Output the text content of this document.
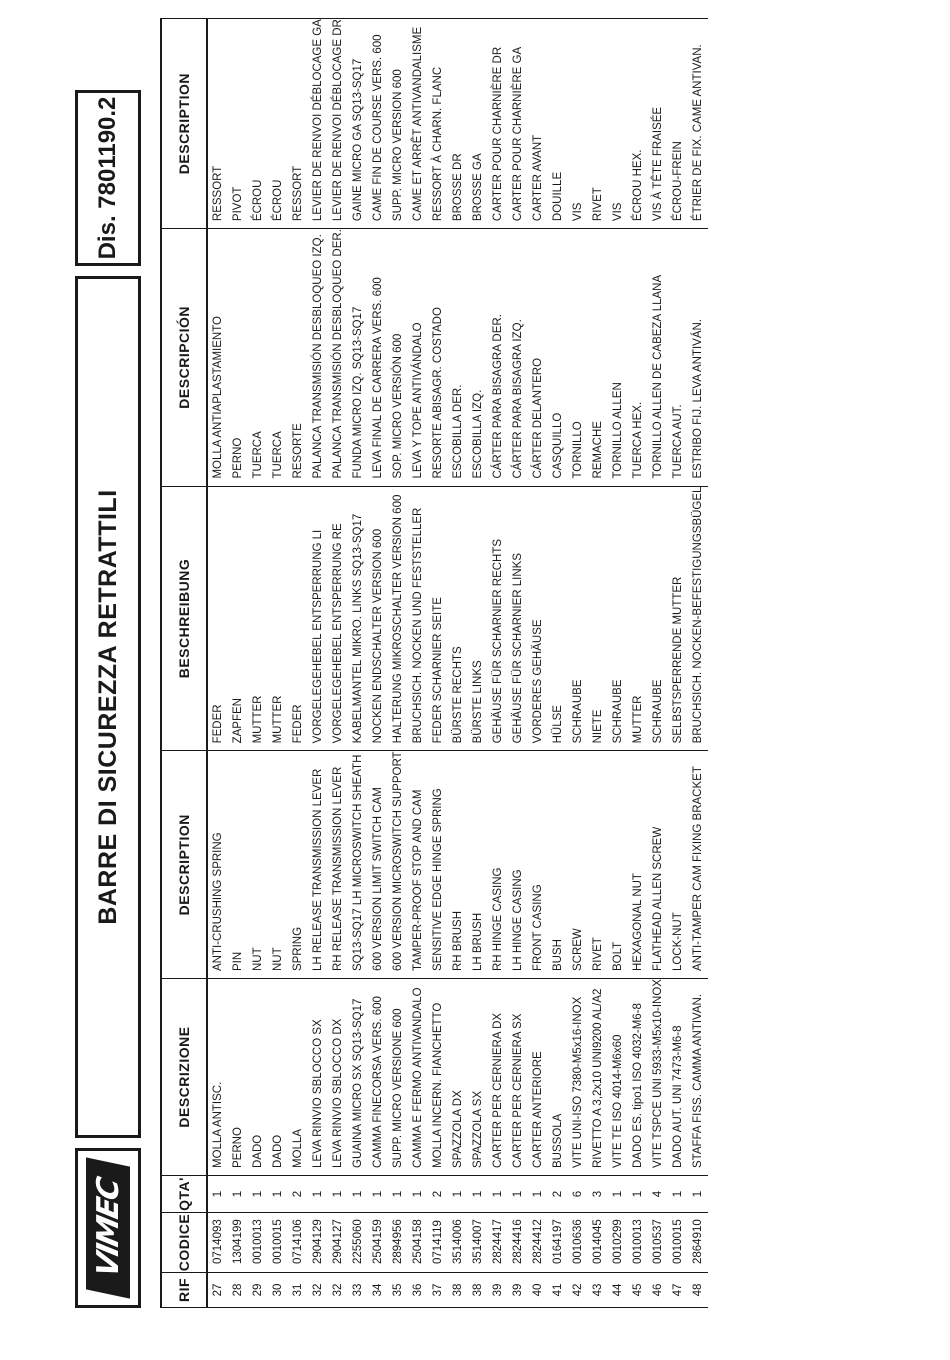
VIMEC
BARRE DI SICUREZZA RETRATTILI
Dis. 7801190.2
RIF	CODICE	QTA'	DESCRIZIONE	DESCRIPTION	BESCHREIBUNG	DESCRIPCIÓN	DESCRIPTION
27	0714093	1	MOLLA ANTISC.	ANTI-CRUSHING SPRING	FEDER	MOLLA ANTIAPLASTAMIENTO	RESSORT
28	1304199	1	PERNO	PIN	ZAPFEN	PERNO	PIVOT
29	0010013	1	DADO	NUT	MUTTER	TUERCA	ÉCROU
30	0010015	1	DADO	NUT	MUTTER	TUERCA	ÉCROU
31	0714106	2	MOLLA	SPRING	FEDER	RESORTE	RESSORT
32	2904129	1	LEVA RINVIO SBLOCCO SX	LH RELEASE TRANSMISSION LEVER	VORGELEGEHEBEL ENTSPERRUNG LI	PALANCA TRANSMISIÓN DESBLOQUEO IZQ.	LEVIER DE RENVOI DÉBLOCAGE GA
32	2904127	1	LEVA RINVIO SBLOCCO DX	RH RELEASE TRANSMISSION LEVER	VORGELEGEHEBEL ENTSPERRUNG RE	PALANCA TRANSMISIÓN DESBLOQUEO DER.	LEVIER DE RENVOI DÉBLOCAGE DR
33	2255060	1	GUAINA MICRO SX SQ13-SQ17	SQ13-SQ17 LH MICROSWITCH SHEATH	KABELMANTEL MIKRO. LINKS SQ13-SQ17	FUNDA MICRO IZQ. SQ13-SQ17	GAINE MICRO GA SQ13-SQ17
34	2504159	1	CAMMA FINECORSA VERS. 600	600 VERSION LIMIT SWITCH CAM	NOCKEN ENDSCHALTER VERSION 600	LEVA FINAL DE CARRERA VERS. 600	CAME FIN DE COURSE VERS. 600
35	2894956	1	SUPP. MICRO VERSIONE 600	600 VERSION MICROSWITCH SUPPORT	HALTERUNG MIKROSCHALTER VERSION 600	SOP. MICRO VERSIÓN 600	SUPP. MICRO VERSION 600
36	2504158	1	CAMMA E FERMO ANTIVANDALO	TAMPER-PROOF STOP AND CAM	BRUCHSICH. NOCKEN UND FESTSTELLER	LEVA Y TOPE ANTIVÁNDALO	CAME ET ARRÊT ANTIVANDALISME
37	0714119	2	MOLLA INCERN. FIANCHETTO	SENSITIVE EDGE HINGE SPRING	FEDER SCHARNIER SEITE	RESORTE ABISAGR. COSTADO	RESSORT À CHARN. FLANC
38	3514006	1	SPAZZOLA DX	RH BRUSH	BÜRSTE RECHTS	ESCOBILLA DER.	BROSSE DR
38	3514007	1	SPAZZOLA SX	LH BRUSH	BÜRSTE LINKS	ESCOBILLA IZQ.	BROSSE GA
39	2824417	1	CARTER PER CERNIERA DX	RH HINGE CASING	GEHÄUSE FÜR SCHARNIER RECHTS	CÁRTER PARA BISAGRA DER.	CARTER POUR CHARNIÈRE DR
39	2824416	1	CARTER PER CERNIERA SX	LH HINGE CASING	GEHÄUSE FÜR SCHARNIER LINKS	CÁRTER PARA BISAGRA IZQ.	CARTER POUR CHARNIÈRE GA
40	2824412	1	CARTER ANTERIORE	FRONT CASING	VORDERES GEHÄUSE	CÁRTER DELANTERO	CARTER AVANT
41	0164197	2	BUSSOLA	BUSH	HÜLSE	CASQUILLO	DOUILLE
42	0010636	6	VITE UNI-ISO 7380-M5x16-INOX	SCREW	SCHRAUBE	TORNILLO	VIS
43	0014045	3	RIVETTO A 3,2x10 UNI9200 AL/A2	RIVET	NIETE	REMACHE	RIVET
44	0010299	1	VITE TE ISO 4014-M6x60	BOLT	SCHRAUBE	TORNILLO ALLEN	VIS
45	0010013	1	DADO ES. tipo1 ISO 4032-M6-8	HEXAGONAL NUT	MUTTER	TUERCA HEX.	ÉCROU HEX.
46	0010537	4	VITE TSPCE UNI 5933-M5x10-INOX	FLATHEAD ALLEN SCREW	SCHRAUBE	TORNILLO ALLEN DE CABEZA LLANA	VIS À TÊTE FRAISÉE
47	0010015	1	DADO AUT. UNI 7473-M6-8	LOCK-NUT	SELBSTSPERRENDE MUTTER	TUERCA AUT.	ÉCROU-FREIN
48	2864910	1	STAFFA FISS. CAMMA ANTIVAN.	ANTI-TAMPER CAM FIXING BRACKET	BRUCHSICH. NOCKEN-BEFESTIGUNGSBÜGEL	ESTRIBO FIJ. LEVA ANTIVÁN.	ÉTRIER DE FIX. CAME ANTIVAN.
